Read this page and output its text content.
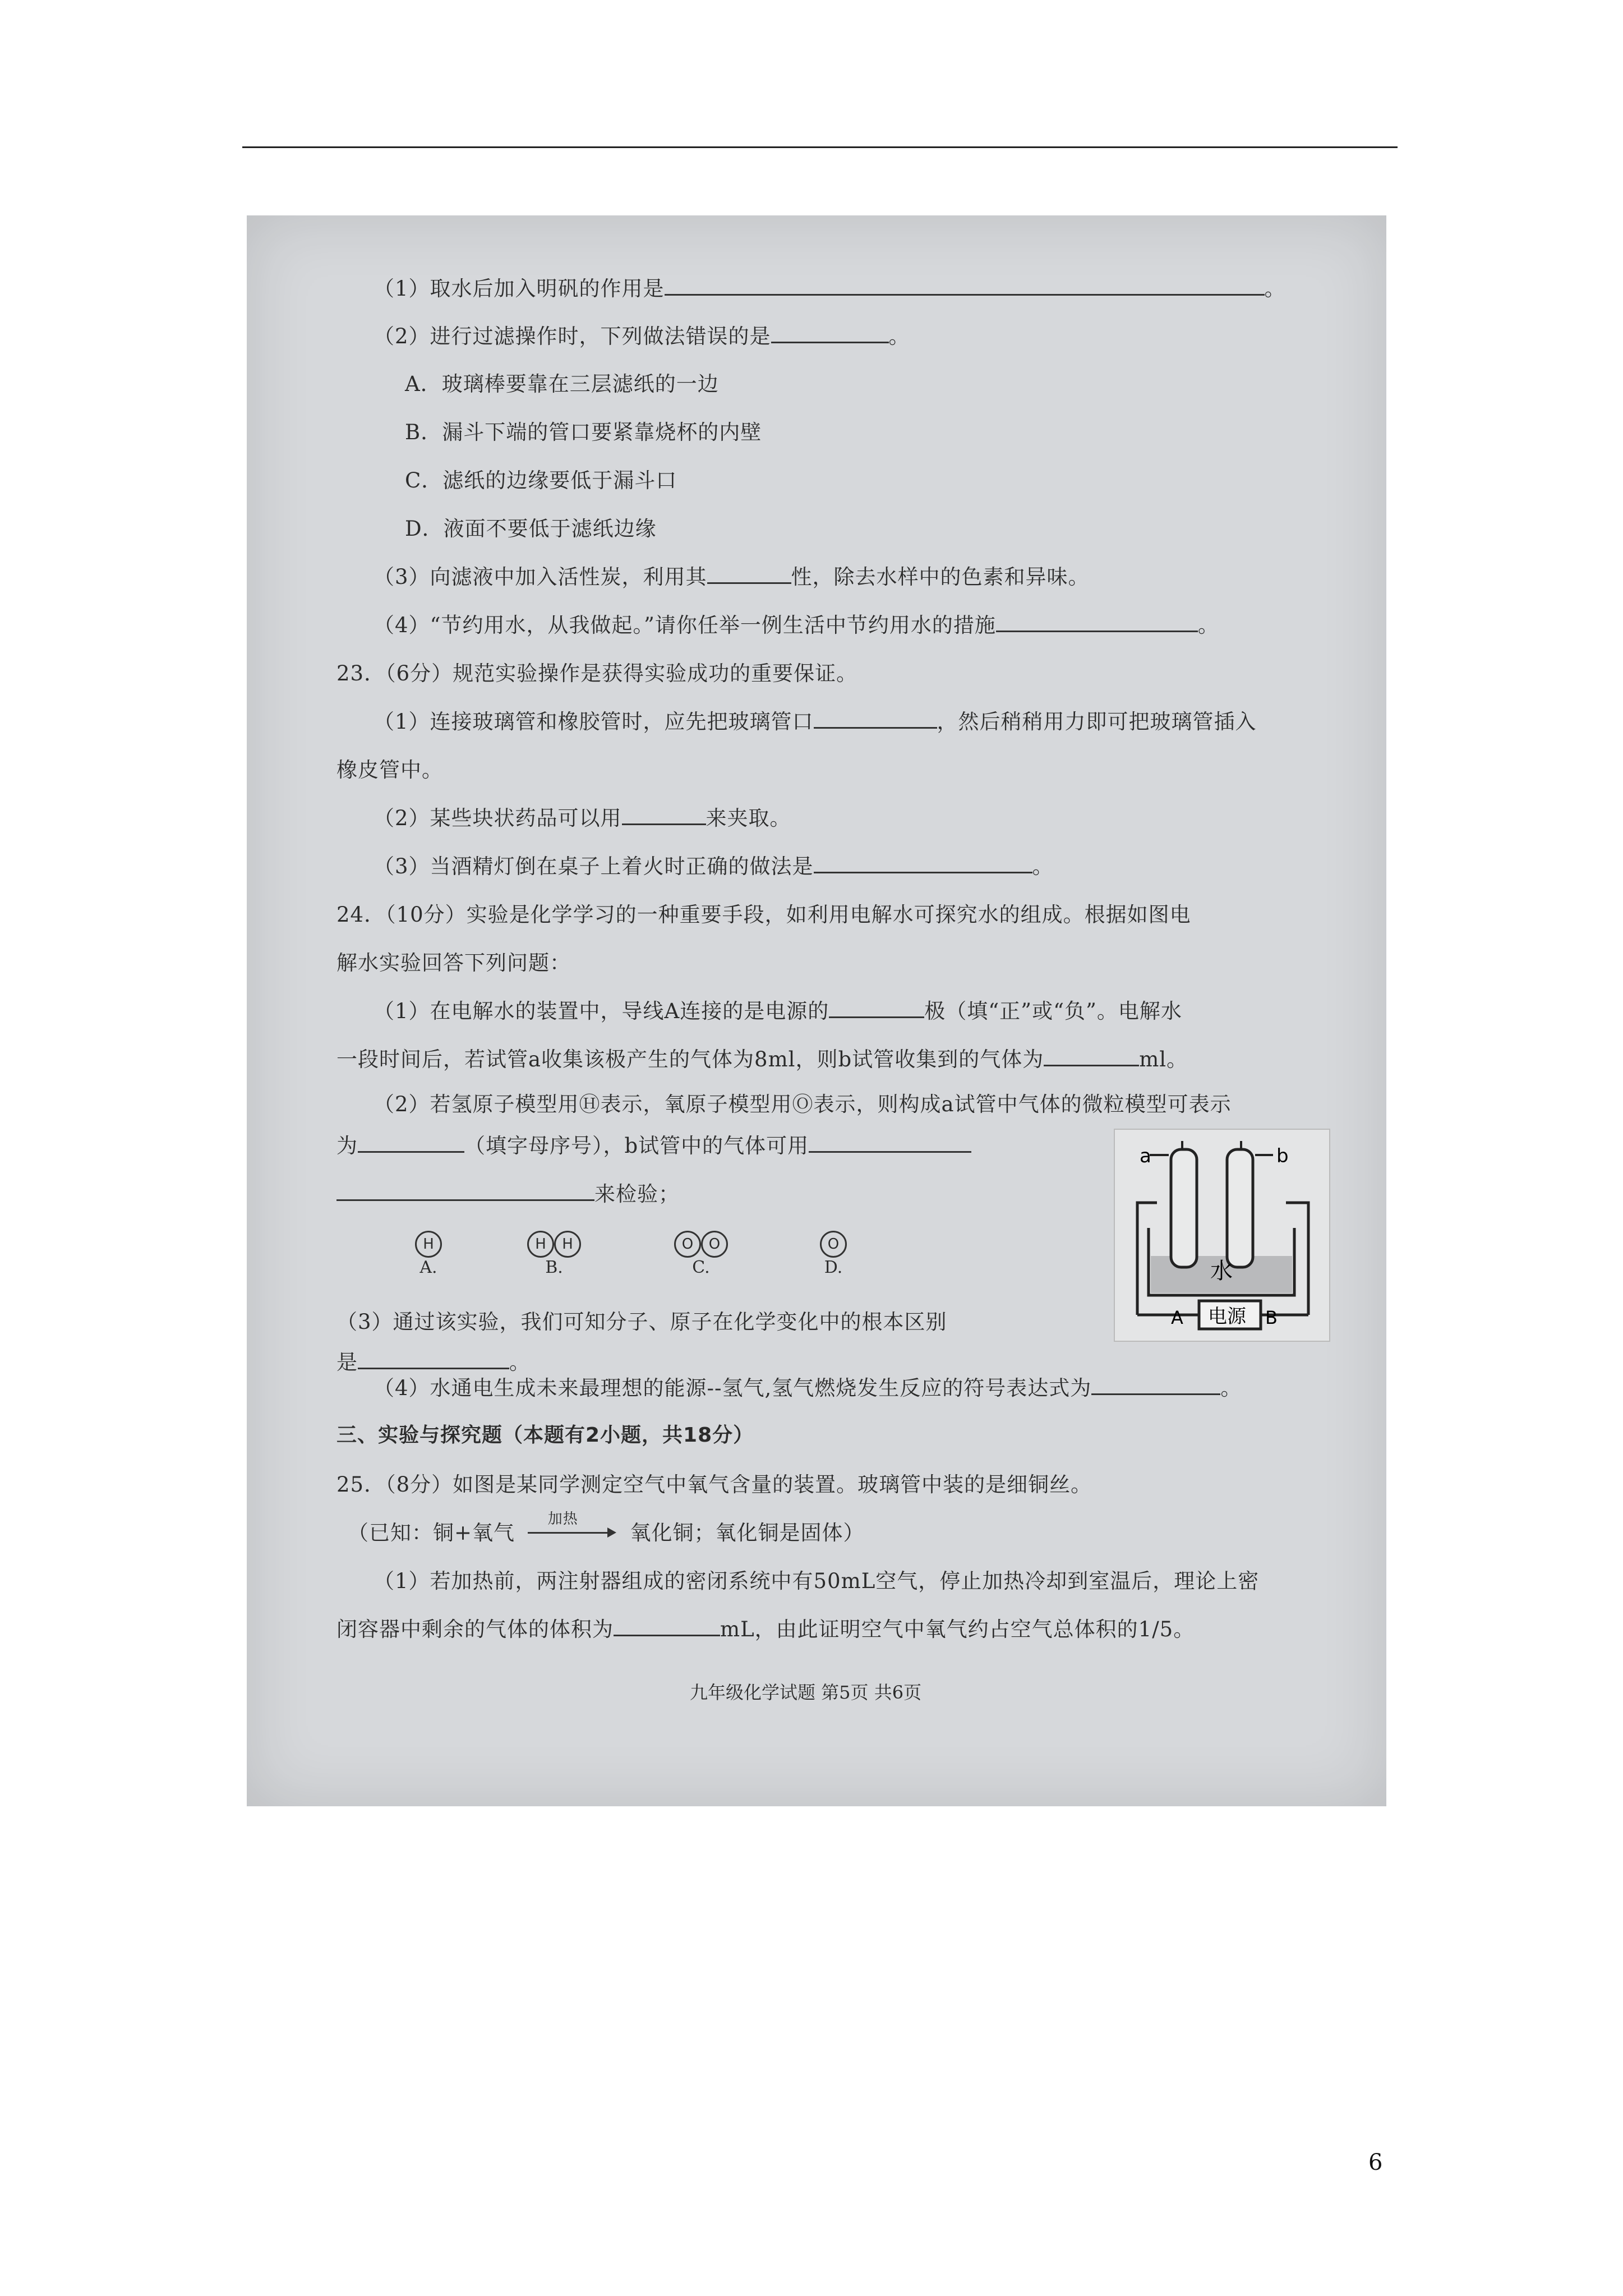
（1）取水后加入明矾的作用是	。
（2）进行过滤操作时，下列做法错误的是	。
A．玻璃棒要靠在三层滤纸的一边
B．漏斗下端的管口要紧靠烧杯的内壁
C．滤纸的边缘要低于漏斗口
D．液面不要低于滤纸边缘
（3）向滤液中加入活性炭，利用其	性，除去水样中的色素和异味。
（4）“节约用水，从我做起。”请你任举一例生活中节约用水的措施	。
23．（6分）规范实验操作是获得实验成功的重要保证。
（1）连接玻璃管和橡胶管时，应先把玻璃管口	，然后稍稍用力即可把玻璃管插入
橡皮管中。
（2）某些块状药品可以用	来夹取。
（3）当酒精灯倒在桌子上着火时正确的做法是	。
24．（10分）实验是化学学习的一种重要手段，如利用电解水可探究水的组成。根据如图电
解水实验回答下列问题：
（1）在电解水的装置中，导线A连接的是电源的	极（填“正”或“负”。电解水
一段时间后，若试管a收集该极产生的气体为8ml，则b试管收集到的气体为	ml。
（2）若氢原子模型用Ⓗ表示，氧原子模型用Ⓞ表示，则构成a试管中气体的微粒模型可表示
为	（填字母序号），b试管中的气体可用
来检验；
H
A.
H H
B.
O O
C.
O
D.
（3）通过该实验，我们可知分子、原子在化学变化中的根本区别
是	。
a	b
水
电源
A	B
（4）水通电生成未来最理想的能源--氢气,氢气燃烧发生反应的符号表达式为	。
三、实验与探究题（本题有2小题，共18分）
25．（8分）如图是某同学测定空气中氧气含量的装置。玻璃管中装的是细铜丝。
（已知：铜+氧气
加热
氧化铜；氧化铜是固体）
（1）若加热前，两注射器组成的密闭系统中有50mL空气，停止加热冷却到室温后，理论上密
闭容器中剩余的气体的体积为	mL，由此证明空气中氧气约占空气总体积的1/5。
九年级化学试题 第5页 共6页
6
